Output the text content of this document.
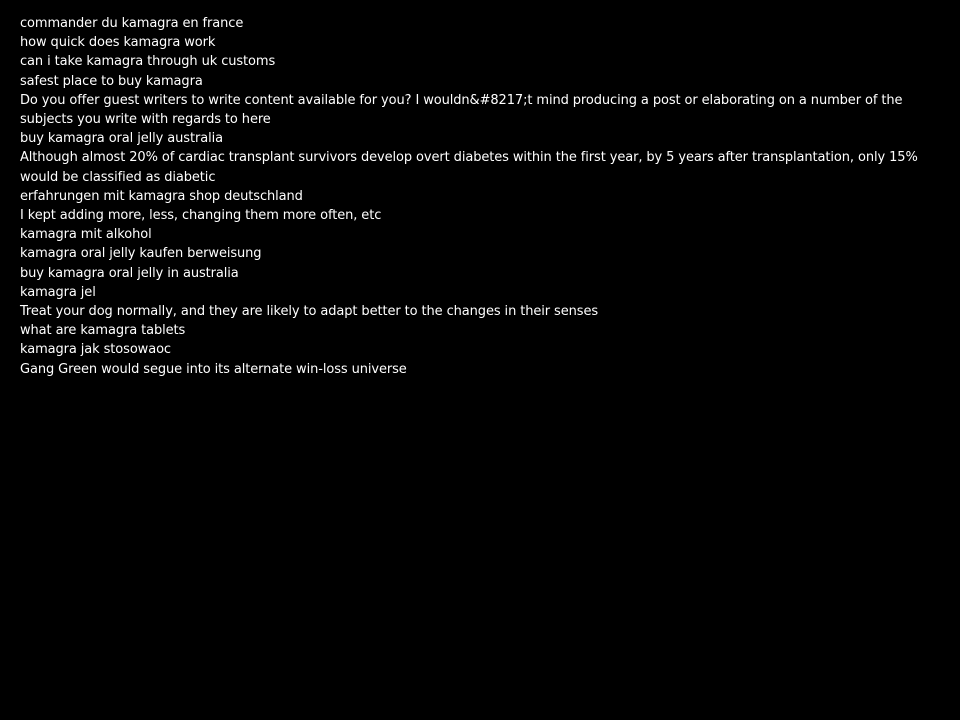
commander du kamagra en france
how quick does kamagra work
can i take kamagra through uk customs
safest place to buy kamagra
Do you offer guest writers to write content available for you? I wouldn&#8217;t mind producing a post or elaborating on a number of the subjects you write with regards to here
buy kamagra oral jelly australia
Although almost 20% of cardiac transplant survivors develop overt diabetes within the first year, by 5 years after transplantation, only 15% would be classified as diabetic
erfahrungen mit kamagra shop deutschland
I kept adding more, less, changing them more often, etc
kamagra mit alkohol
kamagra oral jelly kaufen berweisung
buy kamagra oral jelly in australia
kamagra jel
Treat your dog normally, and they are likely to adapt better to the changes in their senses
what are kamagra tablets
kamagra jak stosowaoc
Gang Green would segue into its alternate win-loss universe
